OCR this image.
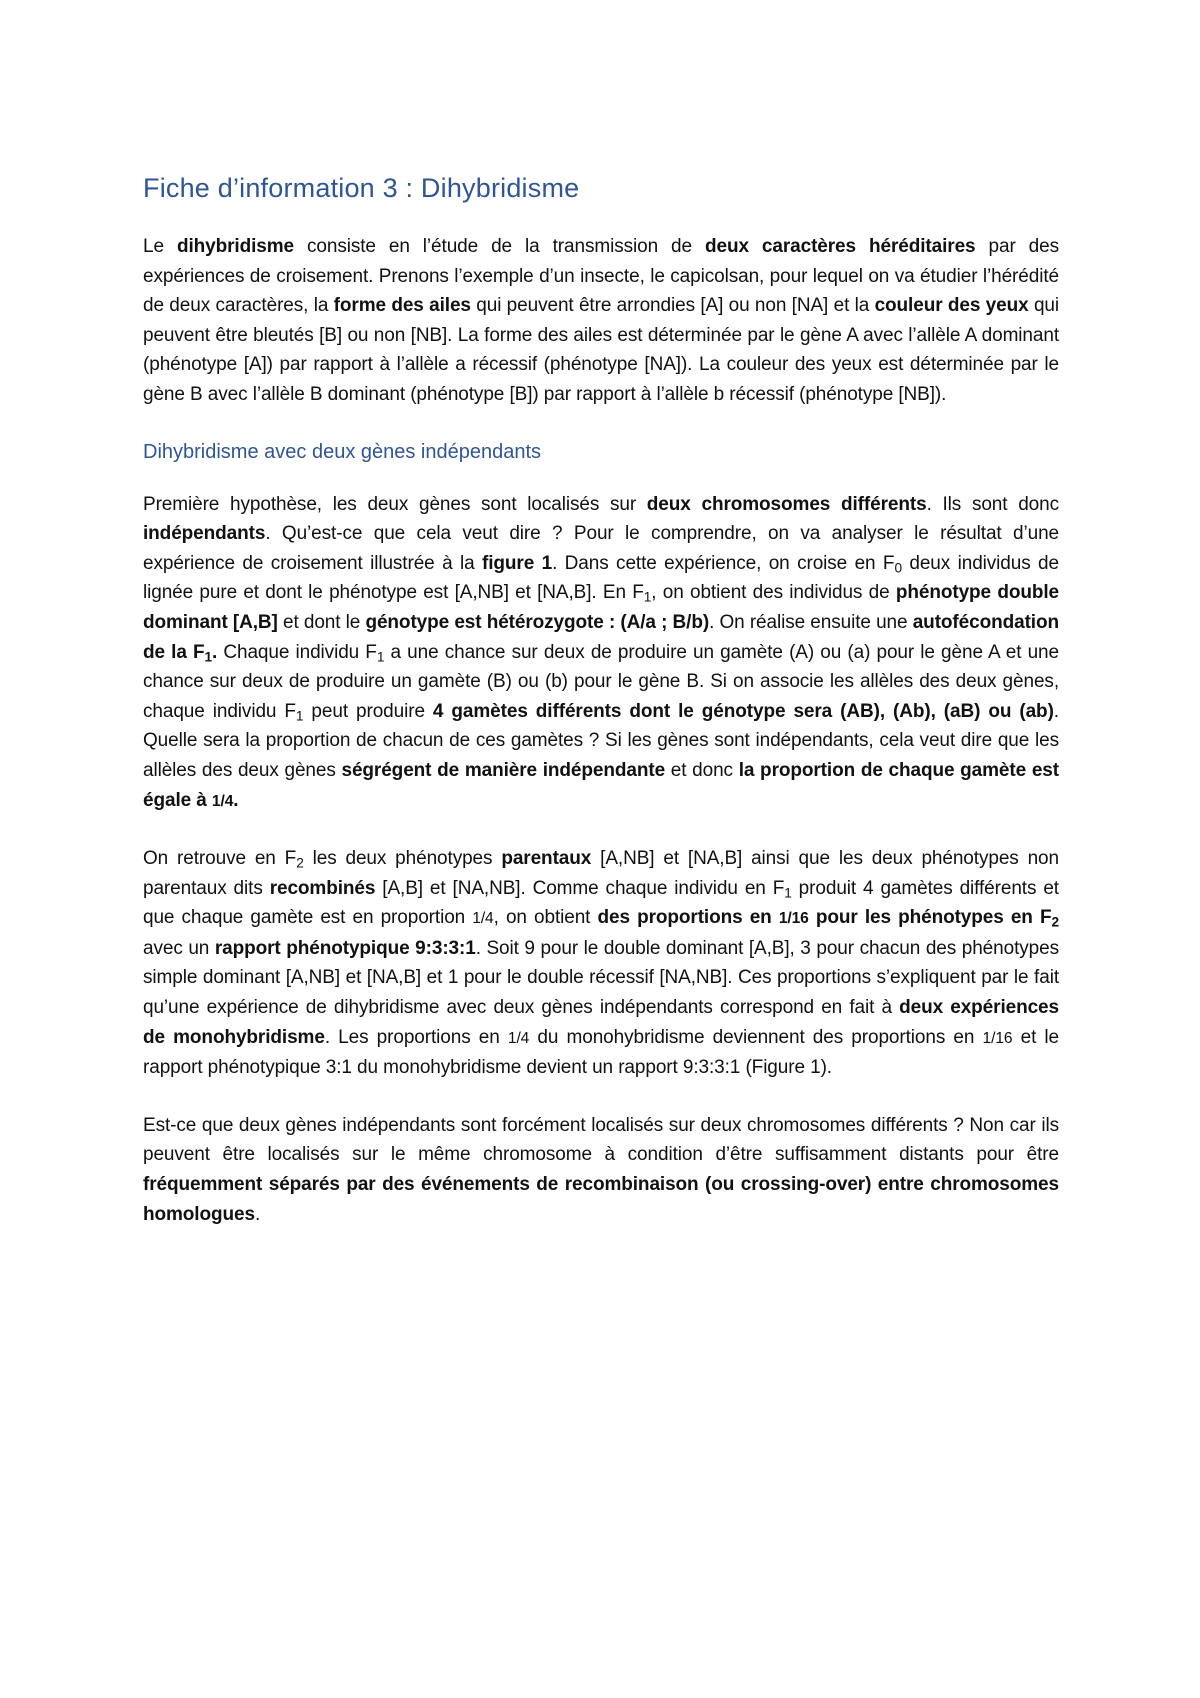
Fiche d’information 3 : Dihybridisme

Le dihybridisme consiste en l’étude de la transmission de deux caractères héréditaires par des expériences de croisement. Prenons l’exemple d’un insecte, le capicolsan, pour lequel on va étudier l’hérédité de deux caractères, la forme des ailes qui peuvent être arrondies [A] ou non [NA] et la couleur des yeux qui peuvent être bleutés [B] ou non [NB]. La forme des ailes est déterminée par le gène A avec l’allèle A dominant (phénotype [A]) par rapport à l’allèle a récessif (phénotype [NA]). La couleur des yeux est déterminée par le gène B avec l’allèle B dominant (phénotype [B]) par rapport à l’allèle b récessif (phénotype [NB]).

Dihybridisme avec deux gènes indépendants

Première hypothèse, les deux gènes sont localisés sur deux chromosomes différents. Ils sont donc indépendants. Qu’est-ce que cela veut dire ? Pour le comprendre, on va analyser le résultat d’une expérience de croisement illustrée à la figure 1. Dans cette expérience, on croise en $F_0$ deux individus de lignée pure et dont le phénotype est [A,NB] et [NA,B]. En $F_1$, on obtient des individus de phénotype double dominant [A,B] et dont le génotype est hétérozygote : (A/a ; B/b). On réalise ensuite une autofécondation de la $F_1$. Chaque individu $F_1$ a une chance sur deux de produire un gamète (A) ou (a) pour le gène A et une chance sur deux de produire un gamète (B) ou (b) pour le gène B. Si on associe les allèles des deux gènes, chaque individu $F_1$ peut produire 4 gamètes différents dont le génotype sera (AB), (Ab), (aB) ou (ab). Quelle sera la proportion de chacun de ces gamètes ? Si les gènes sont indépendants, cela veut dire que les allèles des deux gènes ségrégent de manière indépendante et donc la proportion de chaque gamète est égale à 1/4.

On retrouve en $F_2$ les deux phénotypes parentaux [A,NB] et [NA,B] ainsi que les deux phénotypes non parentaux dits recombinés [A,B] et [NA,NB]. Comme chaque individu en $F_1$ produit 4 gamètes différents et que chaque gamète est en proportion 1/4, on obtient des proportions en 1/16 pour les phénotypes en $F_2$ avec un rapport phénotypique 9:3:3:1. Soit 9 pour le double dominant [A,B], 3 pour chacun des phénotypes simple dominant [A,NB] et [NA,B] et 1 pour le double récessif [NA,NB]. Ces proportions s’expliquent par le fait qu’une expérience de dihybridisme avec deux gènes indépendants correspond en fait à deux expériences de monohybridisme. Les proportions en 1/4 du monohybridisme deviennent des proportions en 1/16 et le rapport phénotypique 3:1 du monohybridisme devient un rapport 9:3:3:1 (Figure 1).

Est-ce que deux gènes indépendants sont forcément localisés sur deux chromosomes différents ? Non car ils peuvent être localisés sur le même chromosome à condition d’être suffisamment distants pour être fréquemment séparés par des événements de recombinaison (ou crossing-over) entre chromosomes homologues.
